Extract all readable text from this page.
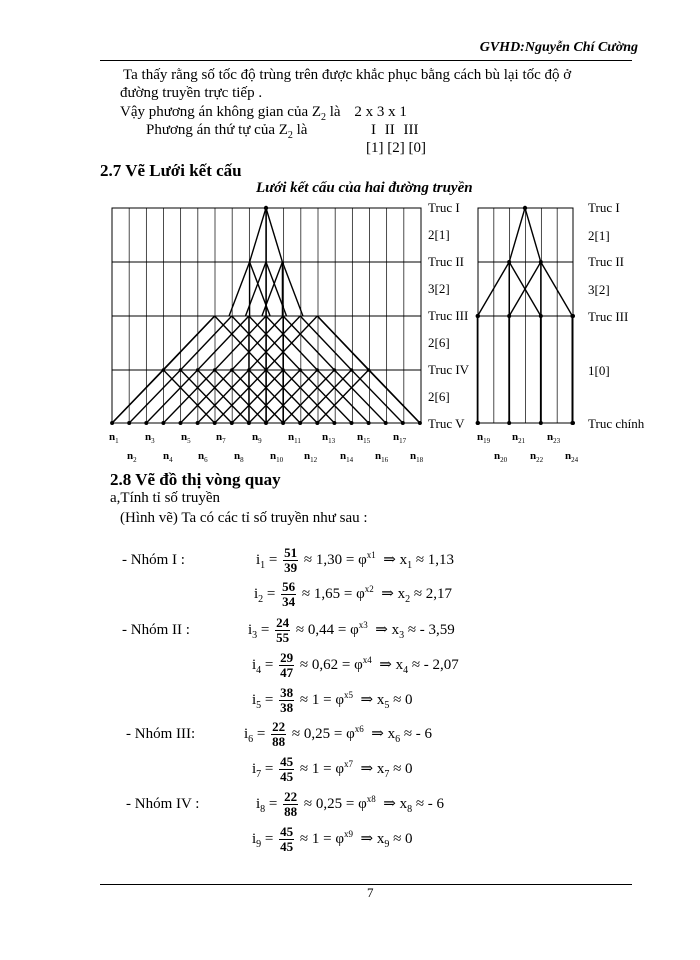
GVHD:Nguyễn Chí Cường
Ta thấy rằng số tốc độ trùng trên được khắc phục bằng cách bù lại tốc độ ở
đường truyền trực tiếp .
Vậy phương án không gian của $Z_2$ là 2 x 3 x 1
Phương án thứ tự của $Z_2$ là	I II III
[1] [2] [0]
2.7 Vẽ Lưới kết cấu
Lưới kết cấu của hai đường truyền
Truc I
2[1]
Truc II
3[2]
Truc III
2[6]
Truc IV
2[6]
Truc V
Truc I
2[1]
Truc II
3[2]
Truc III
1[0]
Truc chính
$n_1$ $n_3$ $n_5$ $n_7$ $n_9$ $n_{11}$ $n_{13}$ $n_{15}$ $n_{17}$
$n_2$ $n_4$ $n_6$ $n_8$ $n_{10}$ $n_{12}$ $n_{14}$ $n_{16}$ $n_{18}$
$n_{19}$ $n_{21}$ $n_{23}$
$n_{20}$ $n_{22}$ $n_{24}$
2.8 Vẽ đồ thị vòng quay
a,Tính tỉ số truyền
(Hình vẽ) Ta có các tỉ số truyền như sau :
- Nhóm I :
- Nhóm II :
- Nhóm III:
- Nhóm IV :
$i_1 = \frac{51}{39} \approx 1,30 = \varphi^{x1}$ ⇒ $x_1 \approx 1,13$
$i_2 = \frac{56}{34} \approx 1,65 = \varphi^{x2}$ ⇒ $x_2 \approx 2,17$
$i_3 = \frac{24}{55} \approx 0,44 = \varphi^{x3}$ ⇒ $x_3$ ≈ - 3,59
$i_4 = \frac{29}{47} \approx 0,62 = \varphi^{x4}$ ⇒ $x_4$ ≈ - 2,07
$i_5 = \frac{38}{38} \approx 1 = \varphi^{x5}$ ⇒ $x_5 \approx 0$
$i_6 = \frac{22}{88} \approx 0,25 = \varphi^{x6}$ ⇒ $x_6$ ≈ - 6
$i_7 = \frac{45}{45} \approx 1 = \varphi^{x7}$ ⇒ $x_7 \approx 0$
$i_8 = \frac{22}{88} \approx 0,25 = \varphi^{x8}$ ⇒ $x_8$ ≈ - 6
$i_9 = \frac{45}{45} \approx 1 = \varphi^{x9}$ ⇒ $x_9 \approx 0$
7
